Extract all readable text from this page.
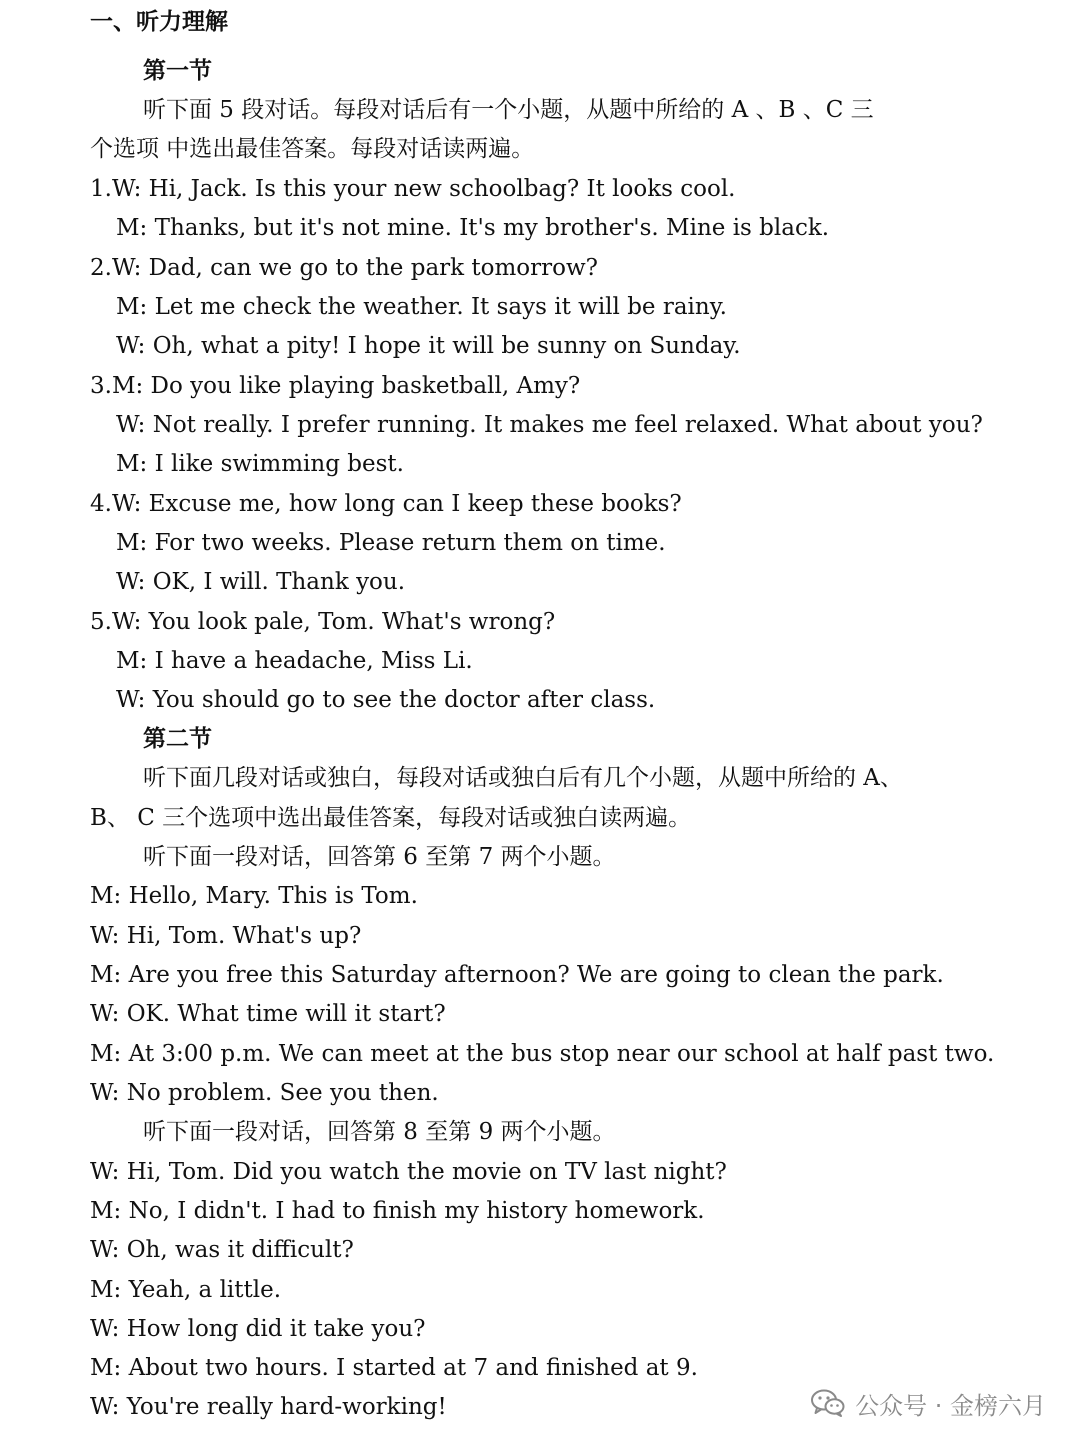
一、听力理解
第一节
听下面 5 段对话。每段对话后有一个小题，从题中所给的 A 、B 、C 三
个选项 中选出最佳答案。每段对话读两遍。
1.W: Hi, Jack. Is this your new schoolbag? It looks cool.
M: Thanks, but it's not mine. It's my brother's. Mine is black.
2.W: Dad, can we go to the park tomorrow?
M: Let me check the weather. It says it will be rainy.
W: Oh, what a pity! I hope it will be sunny on Sunday.
3.M: Do you like playing basketball, Amy?
W: Not really. I prefer running. It makes me feel relaxed. What about you?
M: I like swimming best.
4.W: Excuse me, how long can I keep these books?
M: For two weeks. Please return them on time.
W: OK, I will. Thank you.
5.W: You look pale, Tom. What's wrong?
M: I have a headache, Miss Li.
W: You should go to see the doctor after class.
第二节
听下面几段对话或独白，每段对话或独白后有几个小题，从题中所给的 A、
B、 C 三个选项中选出最佳答案，每段对话或独白读两遍。
听下面一段对话，回答第 6 至第 7 两个小题。
M: Hello, Mary. This is Tom.
W: Hi, Tom. What's up?
M: Are you free this Saturday afternoon? We are going to clean the park.
W: OK. What time will it start?
M: At 3:00 p.m. We can meet at the bus stop near our school at half past two.
W: No problem. See you then.
听下面一段对话，回答第 8 至第 9 两个小题。
W: Hi, Tom. Did you watch the movie on TV last night?
M: No, I didn't. I had to finish my history homework.
W: Oh, was it difficult?
M: Yeah, a little.
W: How long did it take you?
M: About two hours. I started at 7 and finished at 9.
W: You're really hard-working!	公众号 · 金榜六月
